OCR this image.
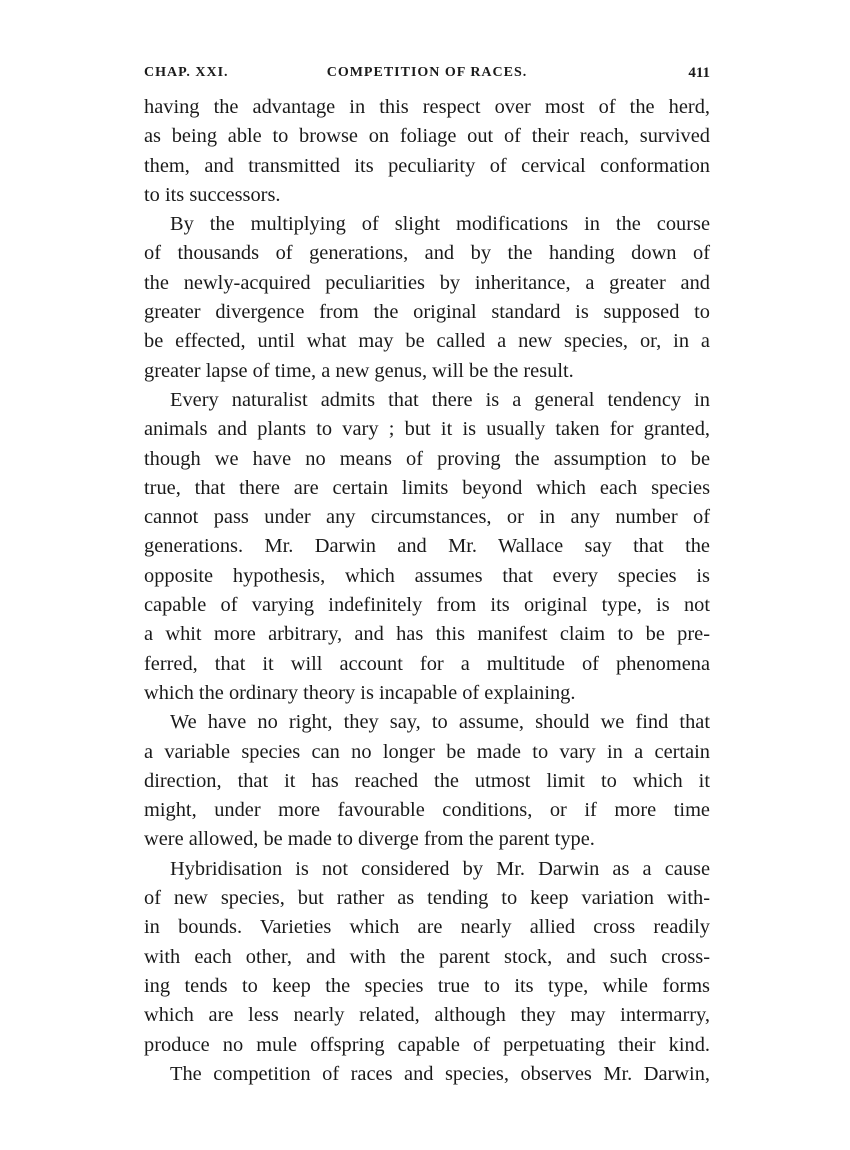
CHAP. XXI.	COMPETITION OF RACES.	411
having the advantage in this respect over most of the herd,
as being able to browse on foliage out of their reach, survived
them, and transmitted its peculiarity of cervical conformation
to its successors.
By the multiplying of slight modifications in the course
of thousands of generations, and by the handing down of
the newly-acquired peculiarities by inheritance, a greater and
greater divergence from the original standard is supposed to
be effected, until what may be called a new species, or, in a
greater lapse of time, a new genus, will be the result.
Every naturalist admits that there is a general tendency in
animals and plants to vary ; but it is usually taken for granted,
though we have no means of proving the assumption to be
true, that there are certain limits beyond which each species
cannot pass under any circumstances, or in any number of
generations. Mr. Darwin and Mr. Wallace say that the
opposite hypothesis, which assumes that every species is
capable of varying indefinitely from its original type, is not
a whit more arbitrary, and has this manifest claim to be pre-
ferred, that it will account for a multitude of phenomena
which the ordinary theory is incapable of explaining.
We have no right, they say, to assume, should we find that
a variable species can no longer be made to vary in a certain
direction, that it has reached the utmost limit to which it
might, under more favourable conditions, or if more time
were allowed, be made to diverge from the parent type.
Hybridisation is not considered by Mr. Darwin as a cause
of new species, but rather as tending to keep variation with-
in bounds. Varieties which are nearly allied cross readily
with each other, and with the parent stock, and such cross-
ing tends to keep the species true to its type, while forms
which are less nearly related, although they may intermarry,
produce no mule offspring capable of perpetuating their kind.
The competition of races and species, observes Mr. Darwin,
